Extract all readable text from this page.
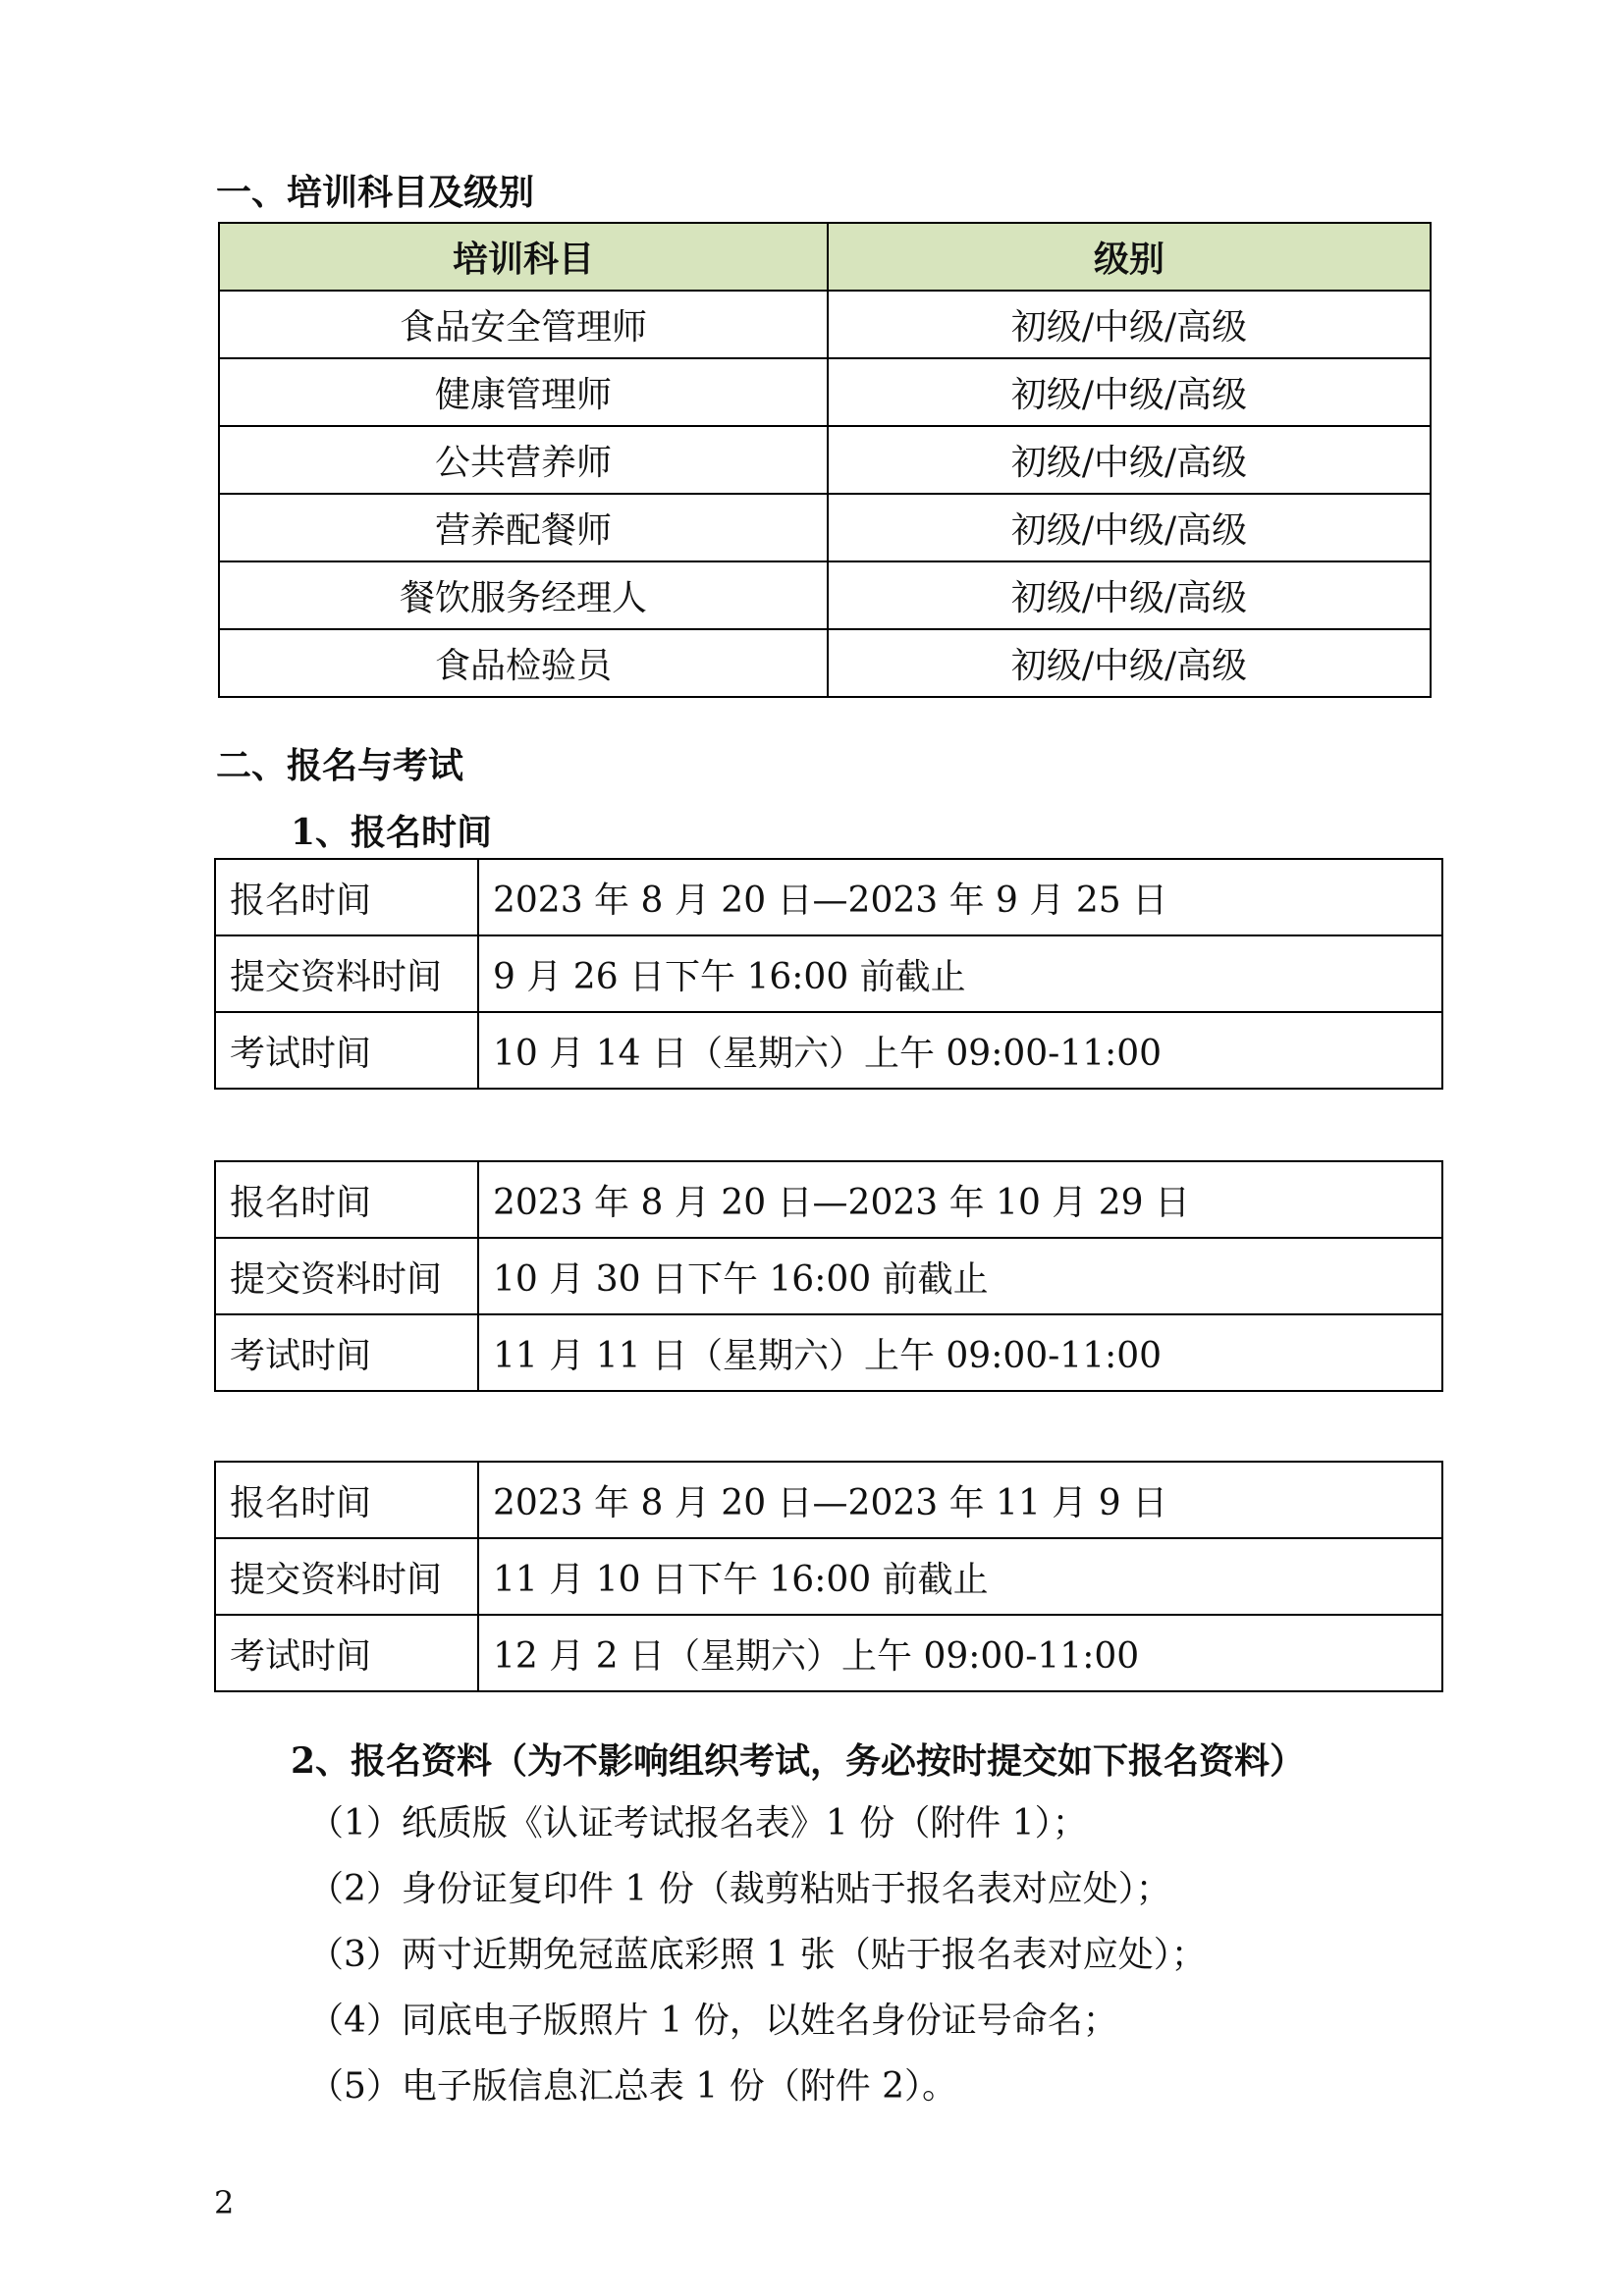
一、培训科目及级别
培训科目	级别
食品安全管理师	初级/中级/高级
健康管理师	初级/中级/高级
公共营养师	初级/中级/高级
营养配餐师	初级/中级/高级
餐饮服务经理人	初级/中级/高级
食品检验员	初级/中级/高级
二、报名与考试
1、报名时间
报名时间	2023 年 8 月 20 日—2023 年 9 月 25 日
提交资料时间	9 月 26 日下午 16:00 前截止
考试时间	10 月 14 日（星期六）上午 09:00-11:00
报名时间	2023 年 8 月 20 日—2023 年 10 月 29 日
提交资料时间	10 月 30 日下午 16:00 前截止
考试时间	11 月 11 日（星期六）上午 09:00-11:00
报名时间	2023 年 8 月 20 日—2023 年 11 月 9 日
提交资料时间	11 月 10 日下午 16:00 前截止
考试时间	12 月 2 日（星期六）上午 09:00-11:00
2、报名资料（为不影响组织考试，务必按时提交如下报名资料）
（1）纸质版《认证考试报名表》1 份（附件 1）；
（2）身份证复印件 1 份（裁剪粘贴于报名表对应处）；
（3）两寸近期免冠蓝底彩照 1 张（贴于报名表对应处）；
（4）同底电子版照片 1 份，以姓名身份证号命名；
（5）电子版信息汇总表 1 份（附件 2）。
2
